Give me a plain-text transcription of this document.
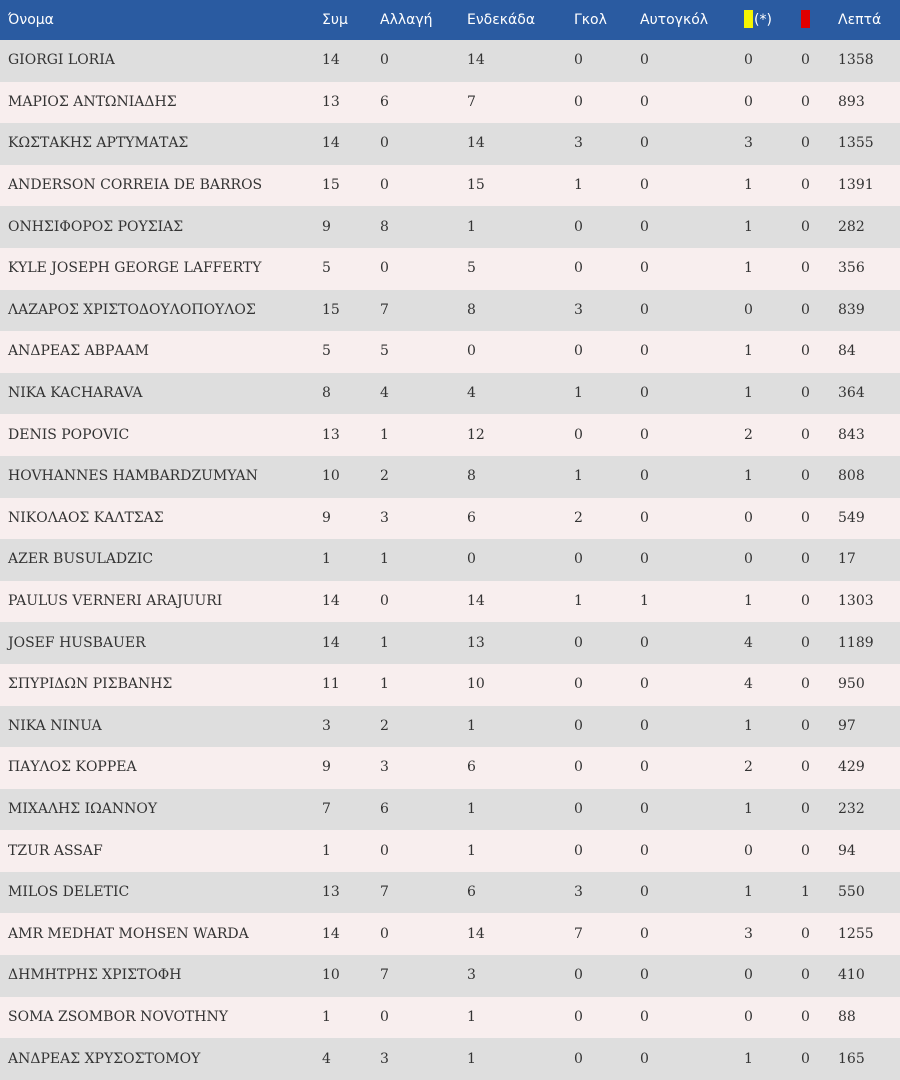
Όνομα	Συμ	Αλλαγή	Ενδεκάδα	Γκολ	Αυτογκόλ	(*)		Λεπτά
GIORGI LORIA	14	0	14	0	0	0	0	1358
ΜΑΡΙΟΣ ΑΝΤΩΝΙΑΔΗΣ	13	6	7	0	0	0	0	893
ΚΩΣΤΑΚΗΣ ΑΡΤΥΜΑΤΑΣ	14	0	14	3	0	3	0	1355
ANDERSON CORREIA DE BARROS	15	0	15	1	0	1	0	1391
ΟΝΗΣΙΦΟΡΟΣ ΡΟΥΣΙΑΣ	9	8	1	0	0	1	0	282
KYLE JOSEPH GEORGE LAFFERTY	5	0	5	0	0	1	0	356
ΛΑΖΑΡΟΣ ΧΡΙΣΤΟΔΟΥΛΟΠΟΥΛΟΣ	15	7	8	3	0	0	0	839
ΑΝΔΡΕΑΣ ΑΒΡΑΑΜ	5	5	0	0	0	1	0	84
NIKA KACHARAVA	8	4	4	1	0	1	0	364
DENIS POPOVIC	13	1	12	0	0	2	0	843
HOVHANNES HAMBARDZUMYAN	10	2	8	1	0	1	0	808
ΝΙΚΟΛΑΟΣ ΚΑΛΤΣΑΣ	9	3	6	2	0	0	0	549
AZER BUSULADZIC	1	1	0	0	0	0	0	17
PAULUS VERNERI ARAJUURI	14	0	14	1	1	1	0	1303
JOSEF HUSBAUER	14	1	13	0	0	4	0	1189
ΣΠΥΡΙΔΩΝ ΡΙΣΒΑΝΗΣ	11	1	10	0	0	4	0	950
NIKA NINUA	3	2	1	0	0	1	0	97
ΠΑΥΛΟΣ ΚΟΡΡΕΑ	9	3	6	0	0	2	0	429
ΜΙΧΑΛΗΣ ΙΩΑΝΝΟΥ	7	6	1	0	0	1	0	232
TZUR ASSAF	1	0	1	0	0	0	0	94
MILOS DELETIC	13	7	6	3	0	1	1	550
AMR MEDHAT MOHSEN WARDA	14	0	14	7	0	3	0	1255
ΔΗΜΗΤΡΗΣ ΧΡΙΣΤΟΦΗ	10	7	3	0	0	0	0	410
SOMA ZSOMBOR NOVOTHNY	1	0	1	0	0	0	0	88
ΑΝΔΡΕΑΣ ΧΡΥΣΟΣΤΟΜΟΥ	4	3	1	0	0	1	0	165
